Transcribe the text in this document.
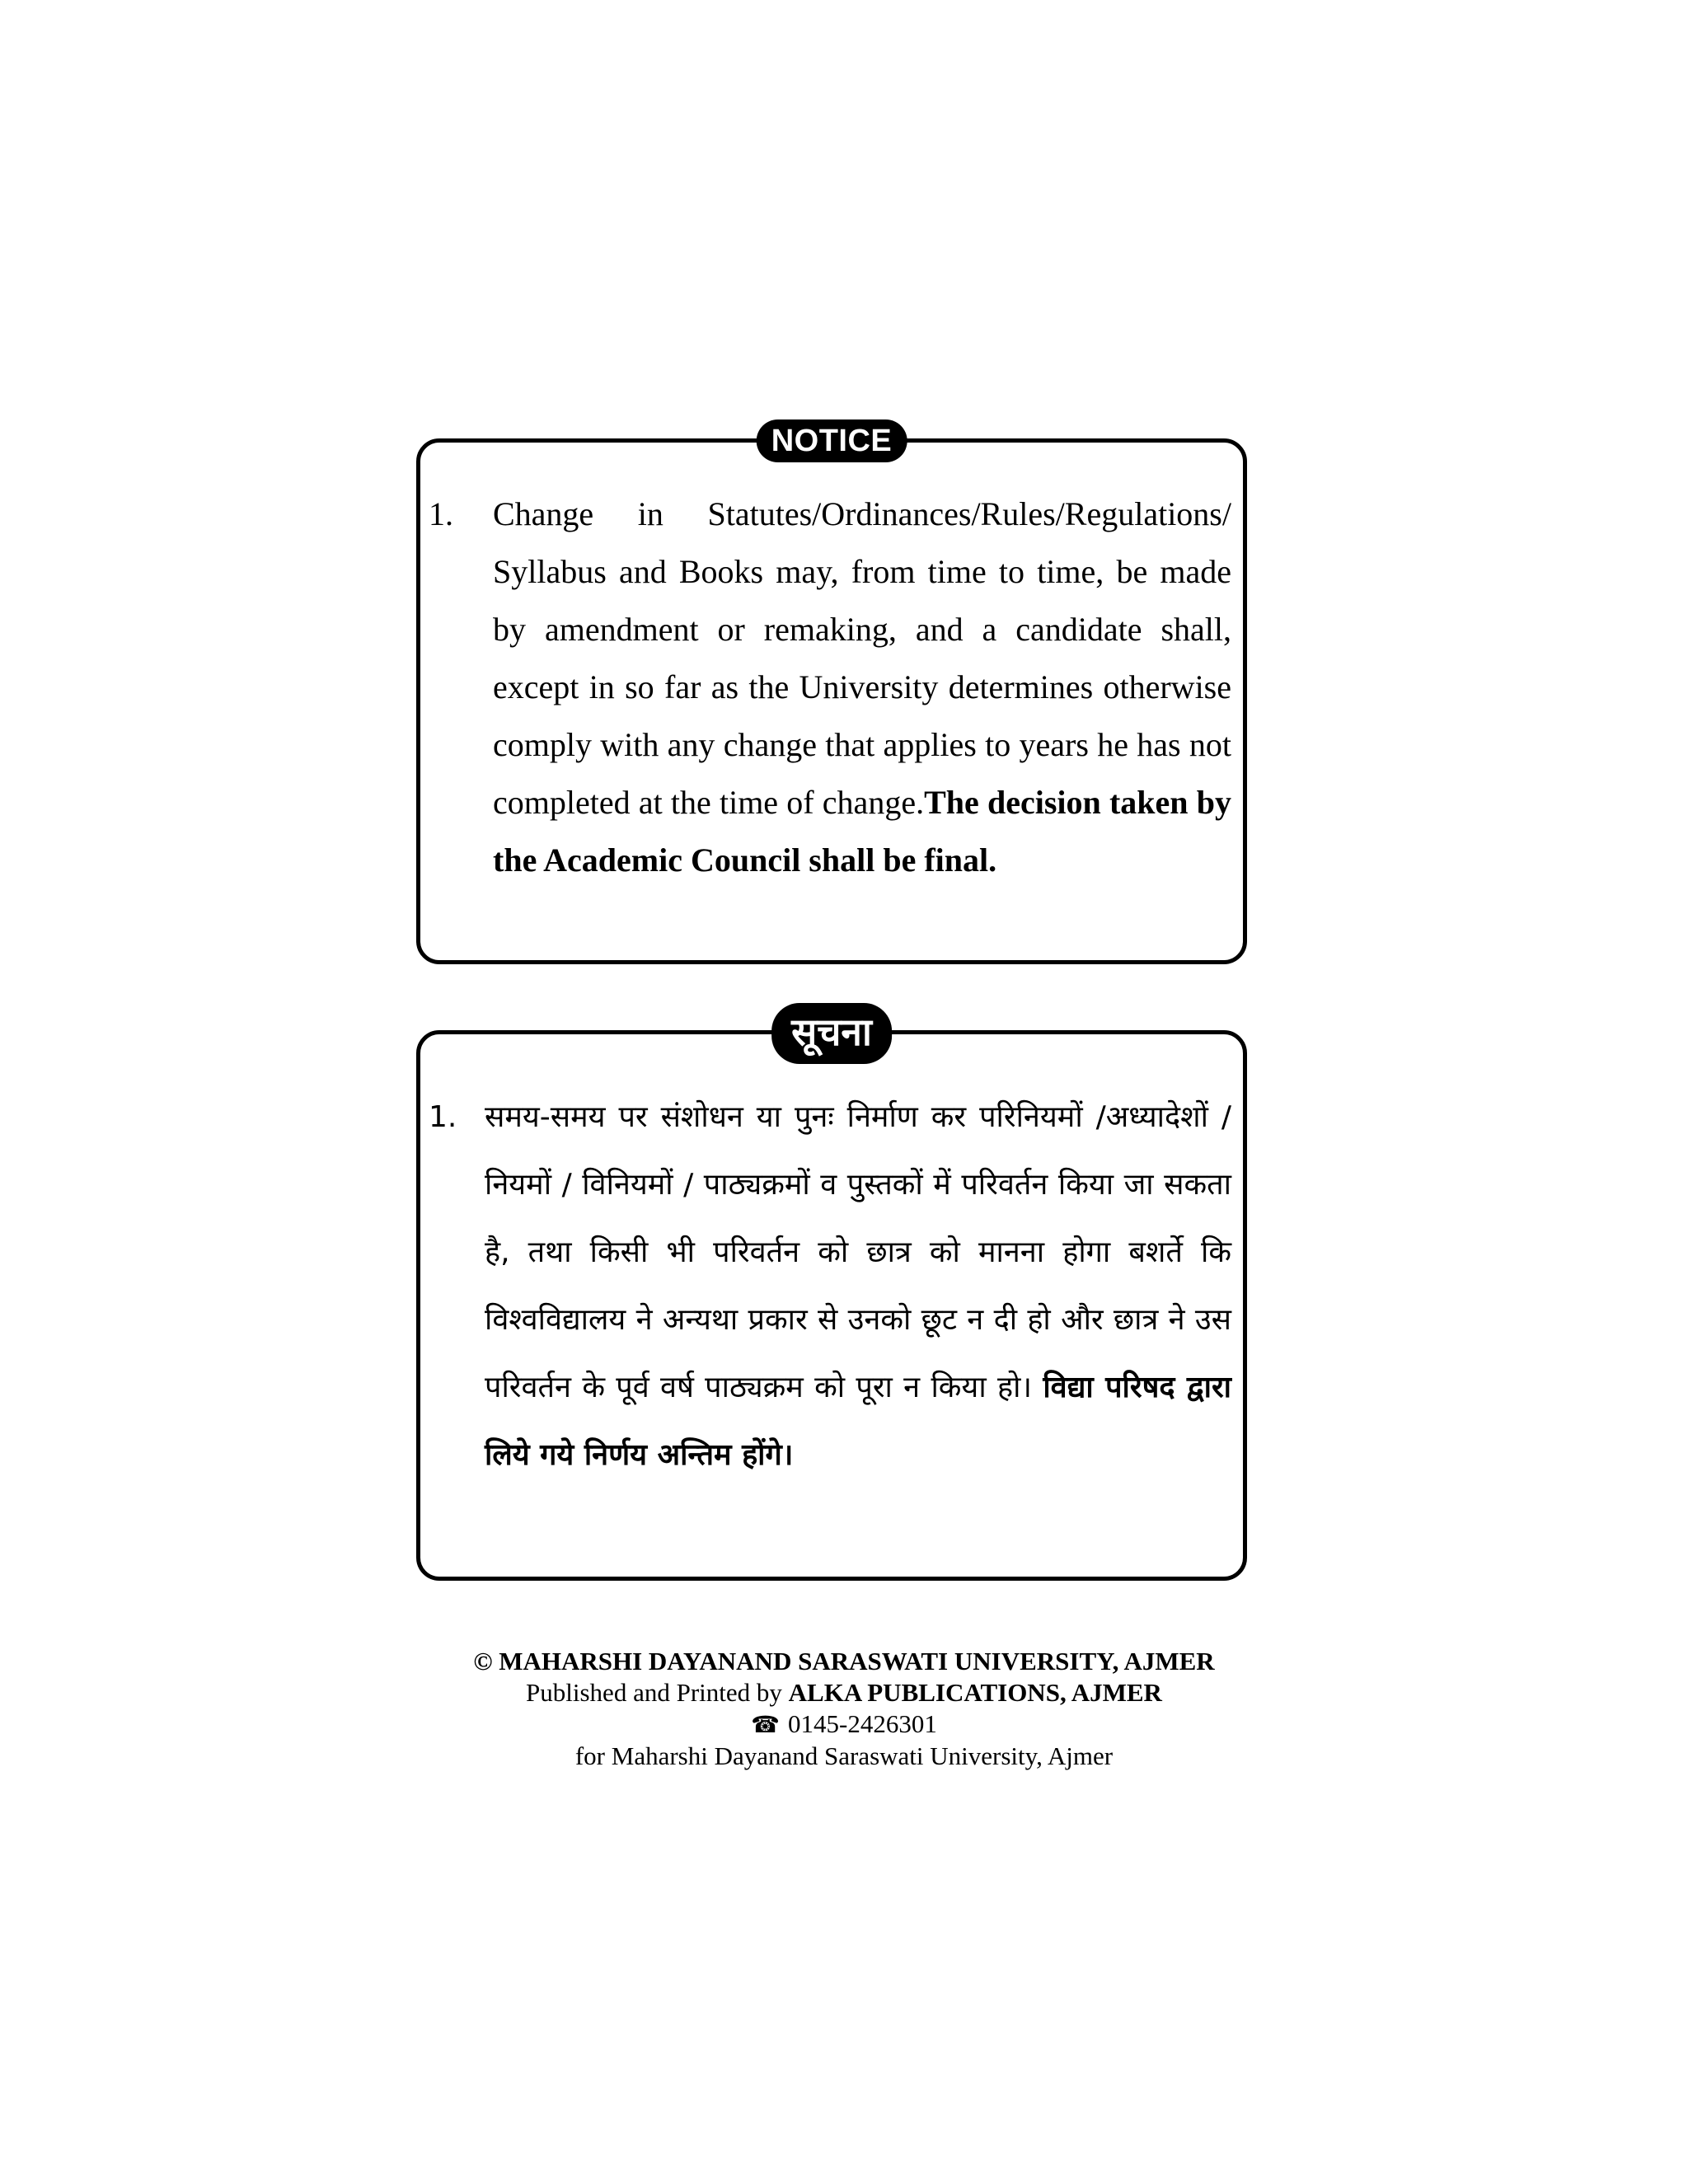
NOTICE
1. Change in Statutes/Ordinances/Rules/Regulations/ Syllabus and Books may, from time to time, be made by amendment or remaking, and a candidate shall, except in so far as the University determines otherwise comply with any change that applies to years he has not completed at the time of change.The decision taken by the Academic Council shall be final.
सूचना
1. समय-समय पर संशोधन या पुनः निर्माण कर परिनियमों /अध्यादेशों / नियमों / विनियमों / पाठ्यक्रमों व पुस्तकों में परिवर्तन किया जा सकता है, तथा किसी भी परिवर्तन को छात्र को मानना होगा बशर्ते कि विश्वविद्यालय ने अन्यथा प्रकार से उनको छूट न दी हो और छात्र ने उस परिवर्तन के पूर्व वर्ष पाठ्यक्रम को पूरा न किया हो। विद्या परिषद द्वारा लिये गये निर्णय अन्तिम होंगे।
© MAHARSHI DAYANAND SARASWATI UNIVERSITY, AJMER
Published and Printed by ALKA PUBLICATIONS, AJMER
☎ 0145-2426301
for Maharshi Dayanand Saraswati University, Ajmer
